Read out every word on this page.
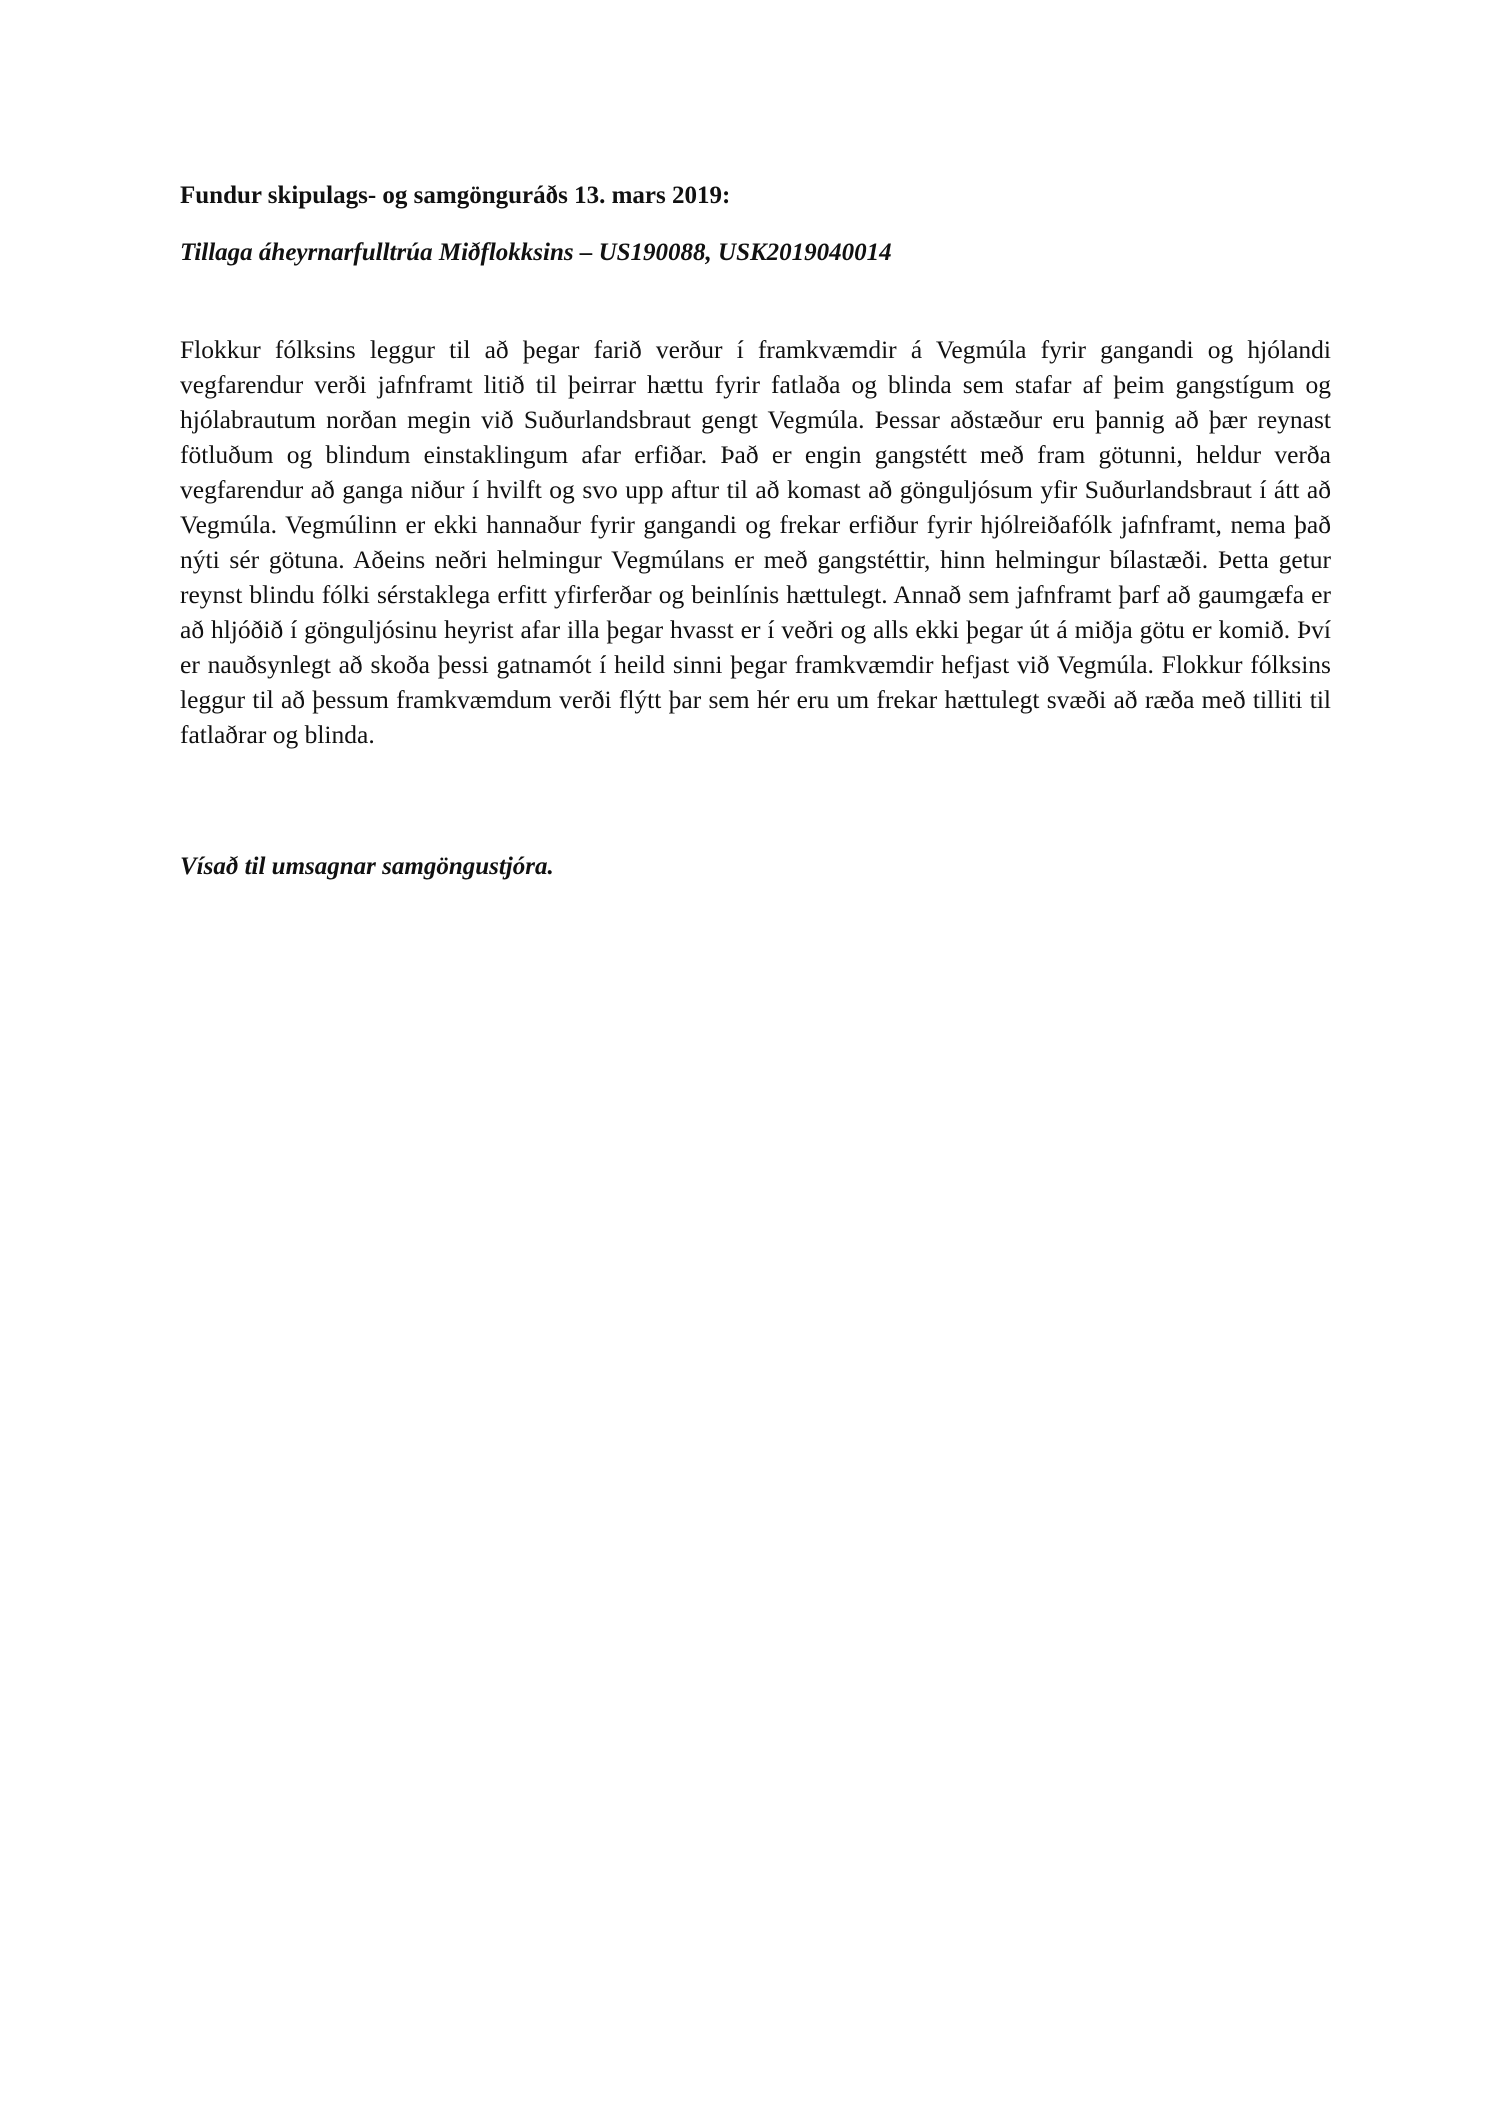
Fundur skipulags- og samgönguráðs 13. mars 2019:
Tillaga áheyrnarfulltrúa Miðflokksins – US190088, USK2019040014

Flokkur fólksins leggur til að þegar farið verður í framkvæmdir á Vegmúla fyrir gangandi og hjólandi vegfarendur verði jafnframt litið til þeirrar hættu fyrir fatlaða og blinda sem stafar af þeim gangstígum og hjólabrautum norðan megin við Suðurlandsbraut gengt Vegmúla. Þessar aðstæður eru þannig að þær reynast fötluðum og blindum einstaklingum afar erfiðar. Það er engin gangstétt með fram götunni, heldur verða vegfarendur að ganga niður í hvilft og svo upp aftur til að komast að gönguljósum yfir Suðurlandsbraut í átt að Vegmúla. Vegmúlinn er ekki hannaður fyrir gangandi og frekar erfiður fyrir hjólreiðafólk jafnframt, nema það nýti sér götuna. Aðeins neðri helmingur Vegmúlans er með gangstéttir, hinn helmingur bílastæði. Þetta getur reynst blindu fólki sérstaklega erfitt yfirferðar og beinlínis hættulegt. Annað sem jafnframt þarf að gaumgæfa er að hljóðið í gönguljósinu heyrist afar illa þegar hvasst er í veðri og alls ekki þegar út á miðja götu er komið. Því er nauðsynlegt að skoða þessi gatnamót í heild sinni þegar framkvæmdir hefjast við Vegmúla. Flokkur fólksins leggur til að þessum framkvæmdum verði flýtt þar sem hér eru um frekar hættulegt svæði að ræða með tilliti til fatlaðrar og blinda.

Vísað til umsagnar samgöngustjóra.
